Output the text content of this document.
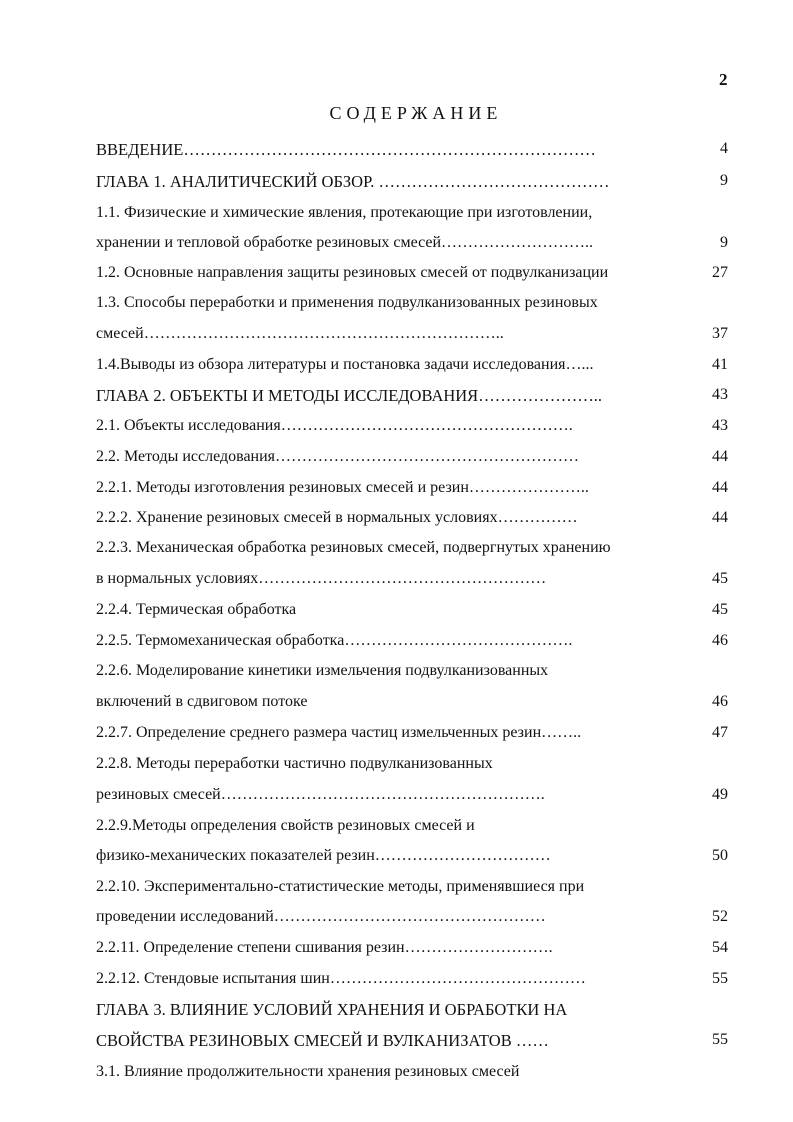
2
СОДЕРЖАНИЕ
ВВЕДЕНИЕ…………………………………………………………………	4
ГЛАВА 1. АНАЛИТИЧЕСКИЙ ОБЗОР. ……………………………………	9
1.1. Физические и химические явления, протекающие при изготовлении,
хранении и тепловой обработке резиновых смесей………………………..	9
1.2. Основные направления защиты резиновых смесей от подвулканизации	27
1.3. Способы переработки и применения подвулканизованных резиновых
смесей…………………………………………………………..	37
1.4.Выводы из обзора литературы и постановка задачи исследования…...	41
ГЛАВА 2. ОБЪЕКТЫ И МЕТОДЫ ИССЛЕДОВАНИЯ…………………..	43
2.1. Объекты исследования……………………………………………….	43
2.2. Методы исследования…………………………………………………	44
2.2.1. Методы изготовления резиновых смесей и резин…………………..	44
2.2.2. Хранение резиновых смесей в нормальных условиях……………	44
2.2.3. Механическая обработка резиновых смесей, подвергнутых хранению
в нормальных условиях………………………………………………	45
2.2.4. Термическая обработка	45
2.2.5. Термомеханическая обработка…………………………………….	46
2.2.6. Моделирование кинетики измельчения подвулканизованных
включений в сдвиговом потоке	46
2.2.7. Определение среднего размера частиц измельченных резин……..	47
2.2.8. Методы переработки частично подвулканизованных
резиновых смесей…………………………………………………….	49
2.2.9.Методы определения свойств резиновых смесей и
физико-механических показателей резин……………………………	50
2.2.10. Экспериментально-статистические методы, применявшиеся при
проведении исследований……………………………………………	52
2.2.11. Определение степени сшивания резин……………………….	54
2.2.12. Стендовые испытания шин…………………………………………	55
ГЛАВА 3. ВЛИЯНИЕ УСЛОВИЙ ХРАНЕНИЯ И ОБРАБОТКИ НА
СВОЙСТВА РЕЗИНОВЫХ СМЕСЕЙ И ВУЛКАНИЗАТОВ ……	55
3.1. Влияние продолжительности хранения резиновых смесей
